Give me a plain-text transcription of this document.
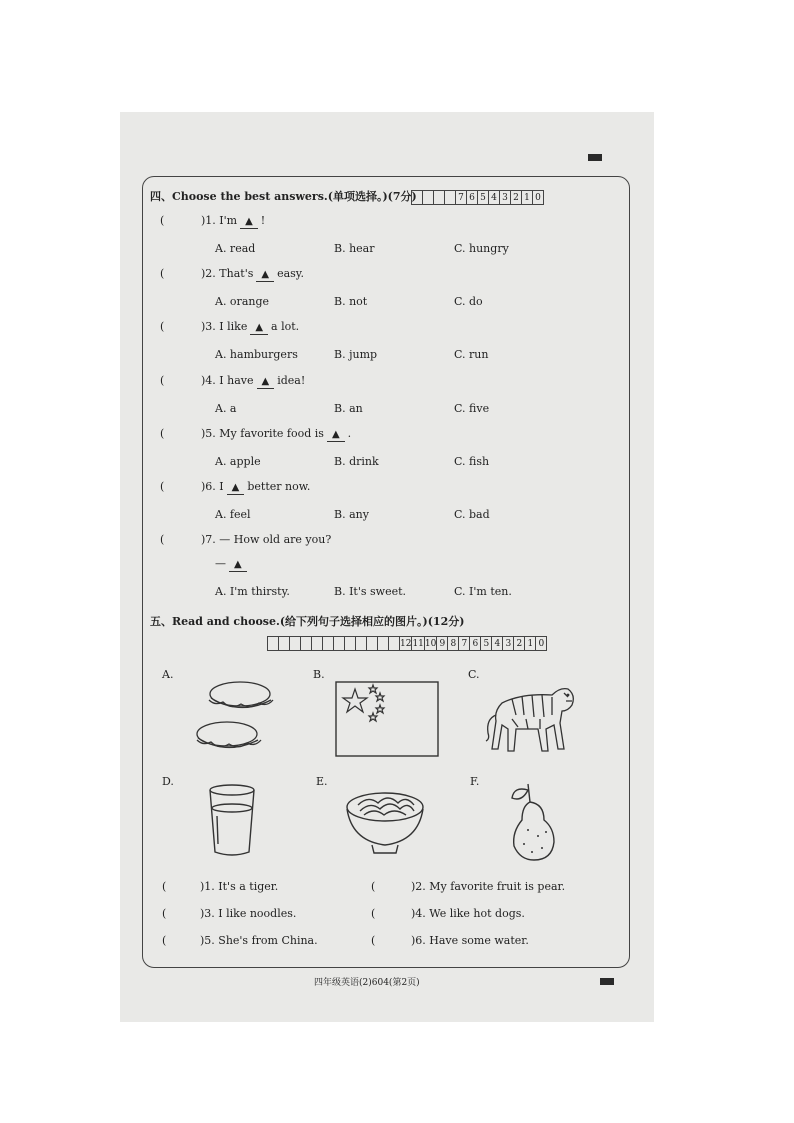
四、Choose the best answers.(单项选择。)(7分)
					7	6	5	4	3	2	1	0
(	)1. I'm ▲ !
A. read	B. hear	C. hungry
(	)2. That's ▲ easy.
A. orange	B. not	C. do
(	)3. I like ▲ a lot.
A. hamburgers	B. jump	C. run
(	)4. I have ▲ idea!
A. a	B. an	C. five
(	)5. My favorite food is ▲ .
A. apple	B. drink	C. fish
(	)6. I ▲ better now.
A. feel	B. any	C. bad
(	)7. — How old are you?
— ▲
A. I'm thirsty.	B. It's sweet.	C. I'm ten.
五、Read and choose.(给下列句子选择相应的图片。)(12分)
												12	11	10	9	8	7	6	5	4	3	2	1	0
A.	B.	C.
D.	E.	F.
(	)1. It's a tiger.	(	)2. My favorite fruit is pear.
(	)3. I like noodles.	(	)4. We like hot dogs.
(	)5. She's from China.	(	)6. Have some water.
四年级英语(2)604(第2页)
